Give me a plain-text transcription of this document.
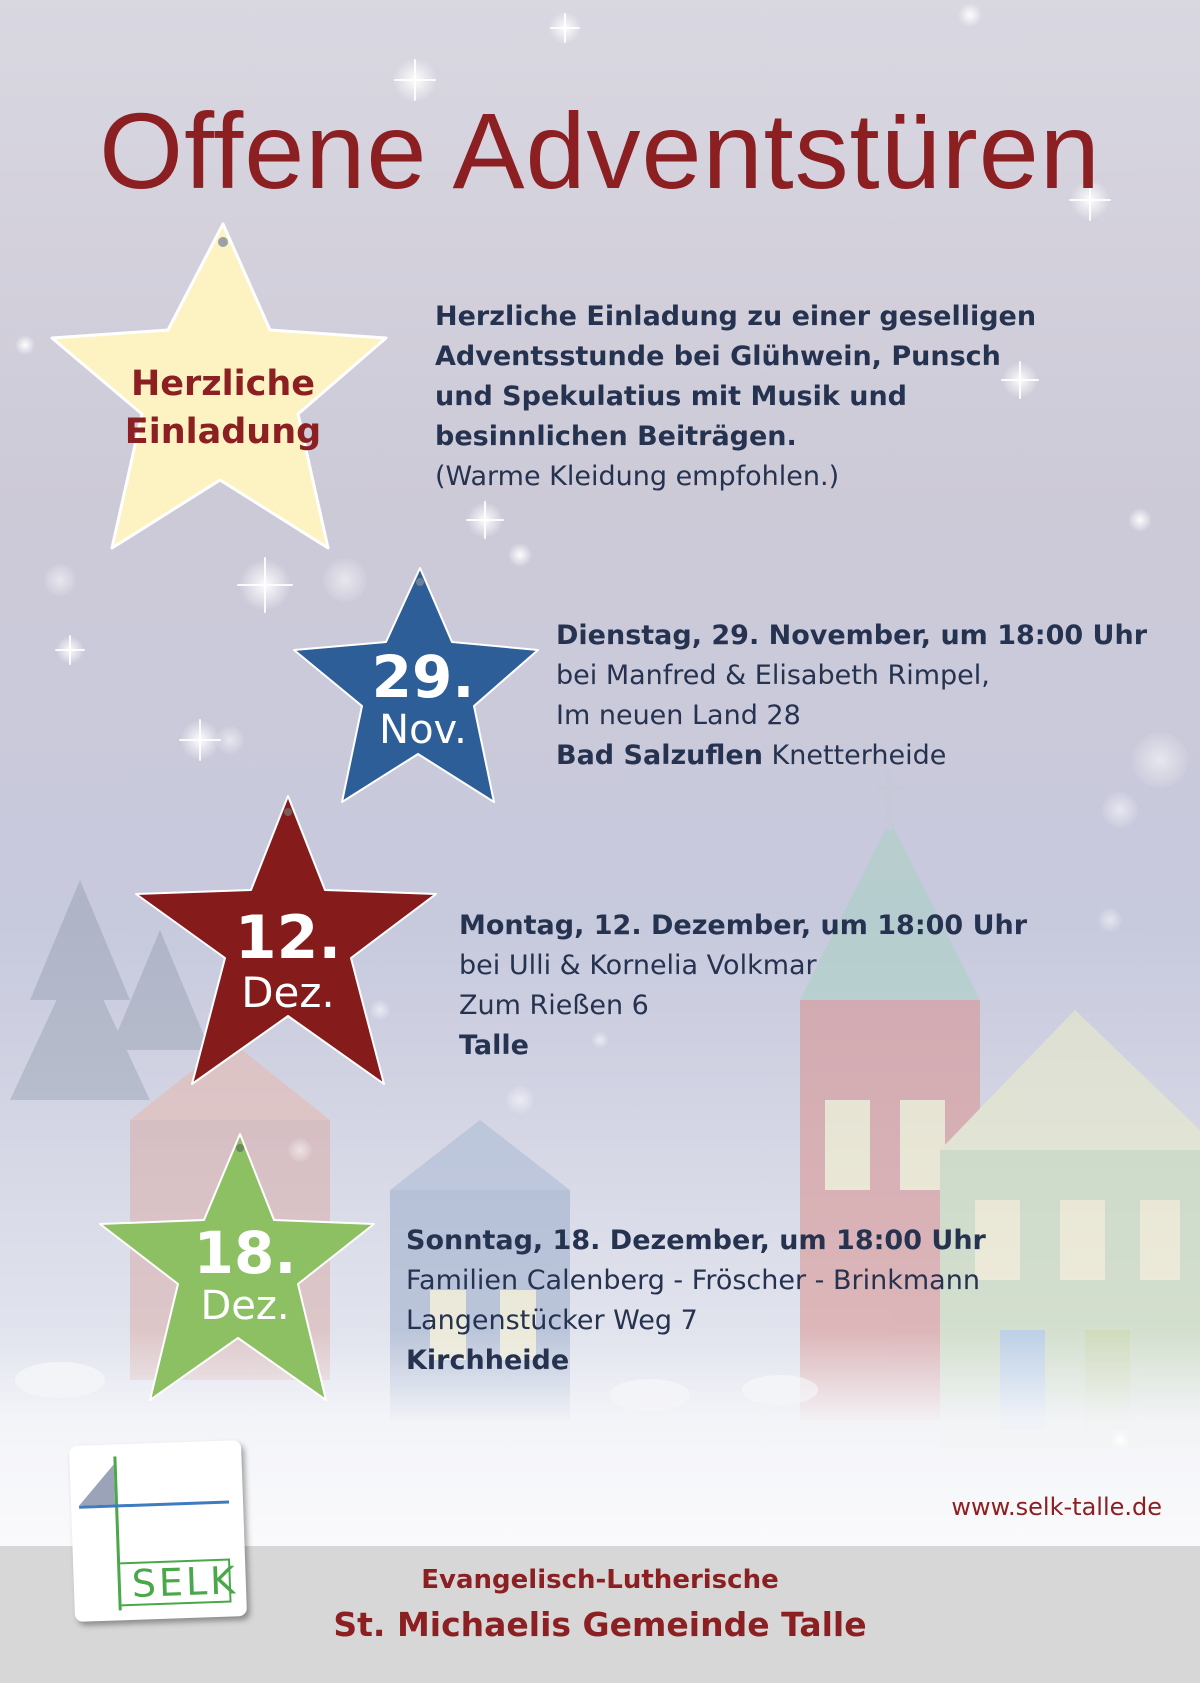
Offene Adventstüren
Herzliche
Einladung
Herzliche Einladung zu einer geselligen
Adventsstunde bei Glühwein, Punsch
und Spekulatius mit Musik und
besinnlichen Beiträgen.
(Warme Kleidung empfohlen.)
29.
Nov.
Dienstag, 29. November, um 18:00 Uhr
bei Manfred & Elisabeth Rimpel,
Im neuen Land 28
Bad Salzuflen Knetterheide
12.
Dez.
Montag, 12. Dezember, um 18:00 Uhr
bei Ulli & Kornelia Volkmar
Zum Rießen 6
Talle
18.
Dez.
Sonntag, 18. Dezember, um 18:00 Uhr
Familien Calenberg - Fröscher - Brinkmann
Langenstücker Weg 7
Kirchheide
www.selk-talle.de
Evangelisch-Lutherische
St. Michaelis Gemeinde Talle
SELK
